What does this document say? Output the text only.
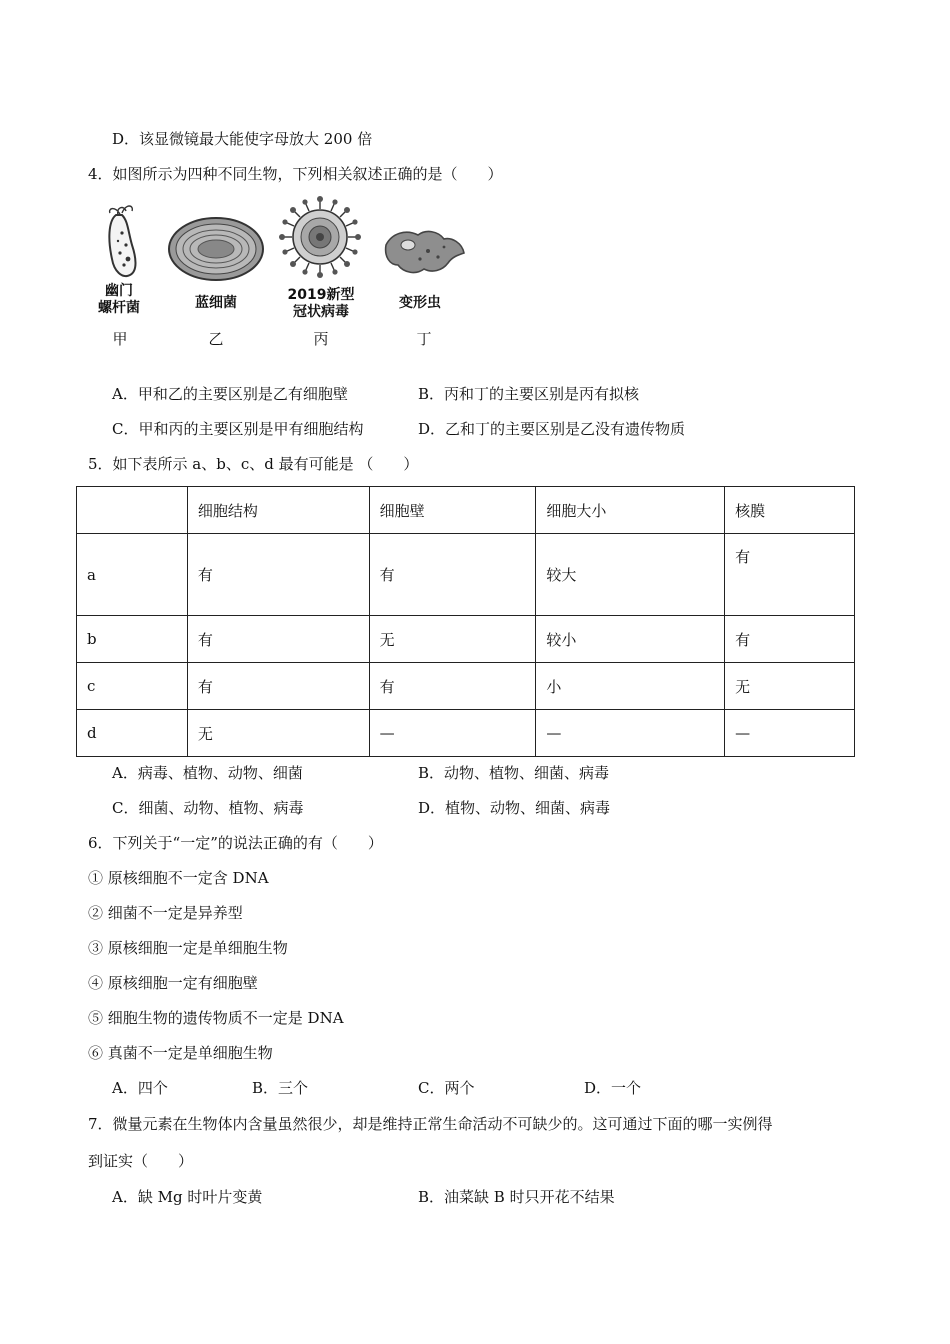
D．该显微镜最大能使字母放大 200 倍
4．如图所示为四种不同生物，下列相关叙述正确的是（　　）
幽门
螺杆菌
甲
蓝细菌
乙
2019新型
冠状病毒
丙
变形虫
丁
A．甲和乙的主要区别是乙有细胞壁	B．丙和丁的主要区别是丙有拟核
C．甲和丙的主要区别是甲有细胞结构	D．乙和丁的主要区别是乙没有遗传物质
5．如下表所示 a、b、c、d 最有可能是 （　　）
	细胞结构	细胞壁	细胞大小	核膜
a	有	有	较大	有
b	有	无	较小	有
c	有	有	小	无
d	无	—	—	—
A．病毒、植物、动物、细菌	B．动物、植物、细菌、病毒
C．细菌、动物、植物、病毒	D．植物、动物、细菌、病毒
6．下列关于“一定”的说法正确的有（　　）
① 原核细胞不一定含 DNA
② 细菌不一定是异养型
③ 原核细胞一定是单细胞生物
④ 原核细胞一定有细胞壁
⑤ 细胞生物的遗传物质不一定是 DNA
⑥ 真菌不一定是单细胞生物
A．四个	B．三个	C．两个	D．一个
7．微量元素在生物体内含量虽然很少，却是维持正常生命活动不可缺少的。这可通过下面的哪一实例得
到证实（　　）
A．缺 Mg 时叶片变黄	B．油菜缺 B 时只开花不结果
